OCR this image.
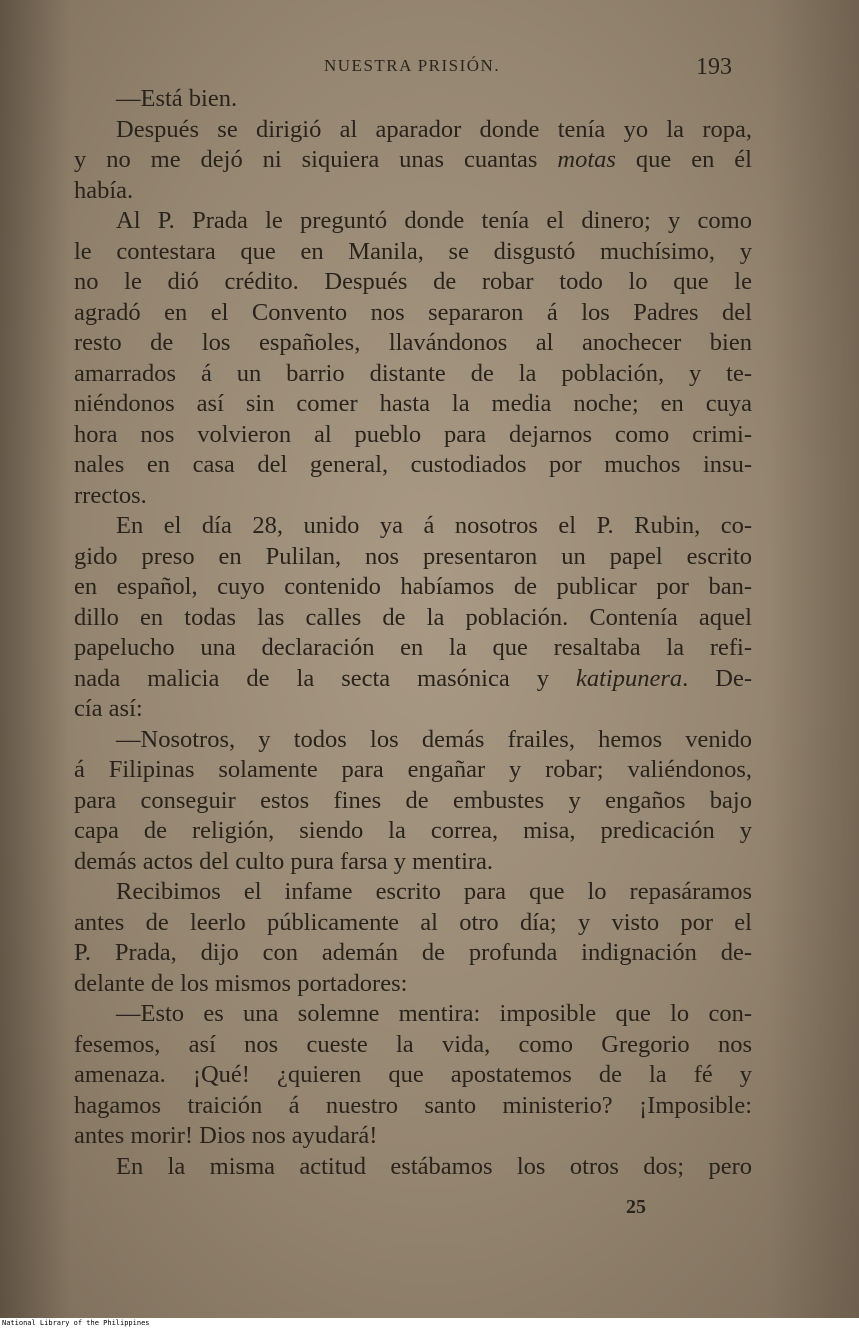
NUESTRA PRISIÓN.	193
—Está bien.
Después se dirigió al aparador donde tenía yo la ropa,
y no me dejó ni siquiera unas cuantas motas que en él
había.
Al P. Prada le preguntó donde tenía el dinero; y como
le contestara que en Manila, se disgustó muchísimo, y
no le dió crédito. Después de robar todo lo que le
agradó en el Convento nos separaron á los Padres del
resto de los españoles, llavándonos al anochecer bien
amarrados á un barrio distante de la población, y te-
niéndonos así sin comer hasta la media noche; en cuya
hora nos volvieron al pueblo para dejarnos como crimi-
nales en casa del general, custodiados por muchos insu-
rrectos.
En el día 28, unido ya á nosotros el P. Rubin, co-
gido preso en Pulilan, nos presentaron un papel escrito
en español, cuyo contenido habíamos de publicar por ban-
dillo en todas las calles de la población. Contenía aquel
papelucho una declaración en la que resaltaba la refi-
nada malicia de la secta masónica y katipunera. De-
cía así:
—Nosotros, y todos los demás frailes, hemos venido
á Filipinas solamente para engañar y robar; valiéndonos,
para conseguir estos fines de embustes y engaños bajo
capa de religión, siendo la correa, misa, predicación y
demás actos del culto pura farsa y mentira.
Recibimos el infame escrito para que lo repasáramos
antes de leerlo públicamente al otro día; y visto por el
P. Prada, dijo con ademán de profunda indignación de-
delante de los mismos portadores:
—Esto es una solemne mentira: imposible que lo con-
fesemos, así nos cueste la vida, como Gregorio nos
amenaza. ¡Qué! ¿quieren que apostatemos de la fé y
hagamos traición á nuestro santo ministerio? ¡Imposible:
antes morir! Dios nos ayudará!
En la misma actitud estábamos los otros dos; pero
25
National Library of the Philippines
